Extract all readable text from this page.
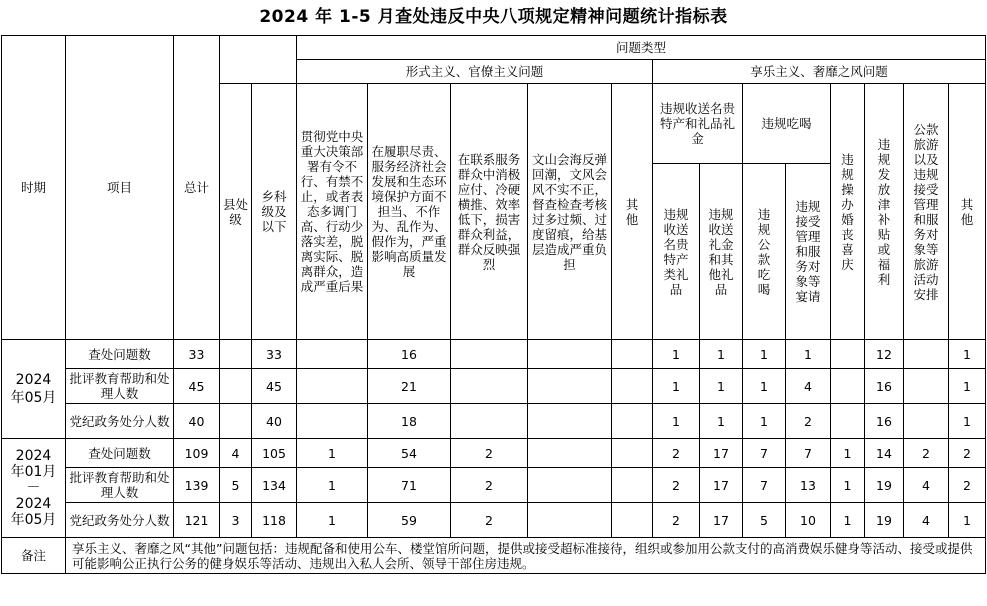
2024 年 1-5 月查处违反中央八项规定精神问题统计指标表
时期	项目	总计			问题类型												
					形式主义、官僚主义问题					享乐主义、奢靡之风问题							
			县处级	乡科级及以下	贯彻党中央重大决策部署有令不行、有禁不止，或者表态多调门高、行动少落实差，脱离实际、脱离群众，造成严重后果	在履职尽责、服务经济社会发展和生态环境保护方面不担当、不作为、乱作为、假作为，严重影响高质量发展	在联系服务群众中消极应付、冷硬横推、效率低下，损害群众利益，群众反映强烈	文山会海反弹回潮，文风会风不实不正，督查检查考核过多过频、过度留痕，给基层造成严重负担	其他	违规收送名贵特产和礼品礼金		违规吃喝		违规操办婚丧喜庆	违规发放津补贴或福利	公款旅游以及违规接受管理和服务对象等旅游活动安排	其他
										违规收送名贵特产类礼品	违规收送礼金和其他礼品	违规公款吃喝	违规接受管理和服务对象等宴请				
2024年05月	查处问题数	33		33		16				1	1	1	1		12		1
	批评教育帮助和处理人数	45		45		21				1	1	1	4		16		1
	党纪政务处分人数	40		40		18				1	1	1	2		16		1
2024年01月－2024年05月	查处问题数	109	4	105	1	54	2			2	17	7	7	1	14	2	2
	批评教育帮助和处理人数	139	5	134	1	71	2			2	17	7	13	1	19	4	2
	党纪政务处分人数	121	3	118	1	59	2			2	17	5	10	1	19	4	1
备注	享乐主义、奢靡之风“其他”问题包括：违规配备和使用公车、楼堂馆所问题，提供或接受超标准接待，组织或参加用公款支付的高消费娱乐健身等活动、接受或提供可能影响公正执行公务的健身娱乐等活动、违规出入私人会所、领导干部住房违规。																
